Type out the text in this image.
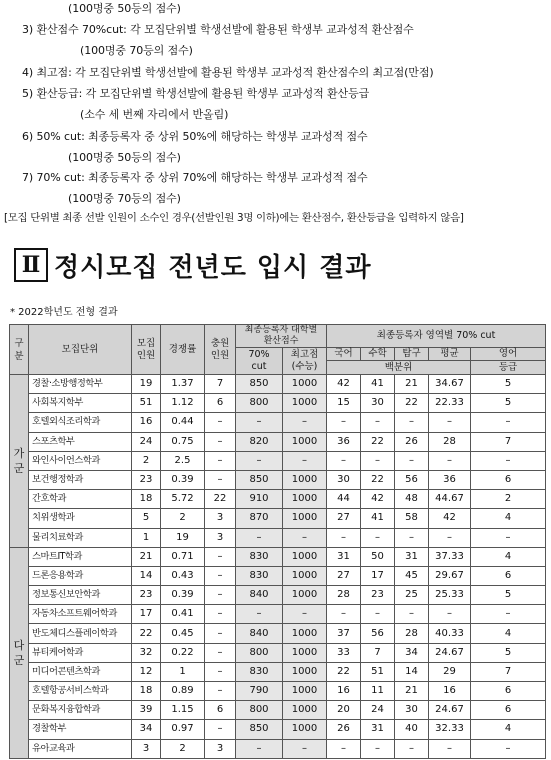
(100명중 50등의 점수)
3) 환산점수 70%cut: 각 모집단위별 학생선발에 활용된 학생부 교과성적 환산점수
(100명중 70등의 점수)
4) 최고점: 각 모집단위별 학생선발에 활용된 학생부 교과성적 환산점수의 최고점(만점)
5) 환산등급: 각 모집단위별 학생선발에 활용된 학생부 교과성적 환산등급
(소수 세 번째 자리에서 반올림)
6) 50% cut: 최종등록자 중 상위 50%에 해당하는 학생부 교과성적 점수
(100명중 50등의 점수)
7) 70% cut: 최종등록자 중 상위 70%에 해당하는 학생부 교과성적 점수
(100명중 70등의 점수)
[모집 단위별 최종 선발 인원이 소수인 경우(선발인원 3명 이하)에는 환산점수, 환산등급을 입력하지 않음]
Ⅱ 정시모집 전년도 입시 결과
* 2022학년도 전형 결과
구분	모집단위	모집인원	경쟁률	충원인원	최종등록자 대학별 환산점수		최종등록자 영역별 70% cut				
					70% cut	최고점 (수능)	국어	수학	탐구	평균	영어
							백분위				등급

가
군	경찰·소방행정학부	19	1.37	7	850	1000	42	41	21	34.67	5
	사회복지학부	51	1.12	6	800	1000	15	30	22	22.33	5
	호텔외식조리학과	16	0.44	–	–	–	–	–	–	–	–
	스포츠학부	24	0.75	–	820	1000	36	22	26	28	7
	와인사이언스학과	2	2.5	–	–	–	–	–	–	–	–
	보건행정학과	23	0.39	–	850	1000	30	22	56	36	6
	간호학과	18	5.72	22	910	1000	44	42	48	44.67	2
	치위생학과	5	2	3	870	1000	27	41	58	42	4
	물리치료학과	1	19	3	–	–	–	–	–	–	–

다
군	스마트IT학과	21	0.71	–	830	1000	31	50	31	37.33	4
	드론응용학과	14	0.43	–	830	1000	27	17	45	29.67	6
	정보통신보안학과	23	0.39	–	840	1000	28	23	25	25.33	5
	자동차소프트웨어학과	17	0.41	–	–	–	–	–	–	–	–
	반도체디스플레이학과	22	0.45	–	840	1000	37	56	28	40.33	4
	뷰티케어학과	32	0.22	–	800	1000	33	7	34	24.67	5
	미디어콘텐츠학과	12	1	–	830	1000	22	51	14	29	7
	호텔항공서비스학과	18	0.89	–	790	1000	16	11	21	16	6
	문화복지융합학과	39	1.15	6	800	1000	20	24	30	24.67	6
	경찰학부	34	0.97	–	850	1000	26	31	40	32.33	4
	유아교육과	3	2	3	–	–	–	–	–	–	–
